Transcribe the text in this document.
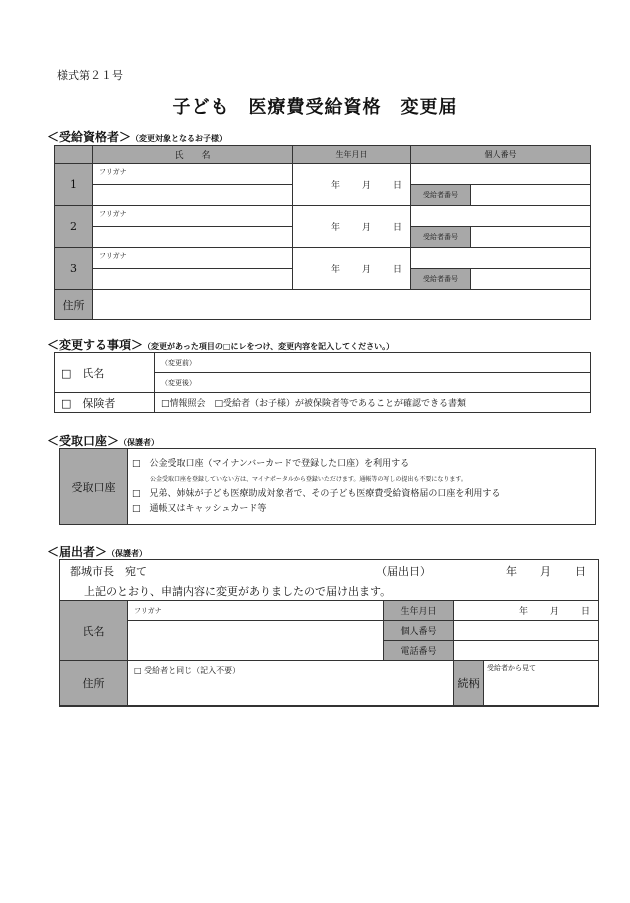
様式第２１号
子ども　医療費受給資格　変更届
＜受給資格者＞（変更対象となるお子様）
	氏　　名	生年月日	個人番号	
1	フリガナ	年 月 日		

			受給者番号	
2	フリガナ	年 月 日		

			受給者番号	
3	フリガナ	年 月 日		

			受給者番号	
住所				
＜変更する事項＞（変更があった項目の□にレをつけ、変更内容を記入してください。）
□　氏名	（変更前）
	（変更後）
□　保険者	□情報照会　□受給者（お子様）が被保険者等であることが確認できる書類
＜受取口座＞（保護者）
受取口座	
□　公金受取口座（マイナンバーカードで登録した口座）を利用する
公金受取口座を登録していない方は、マイナポータルから登録いただけます。通帳等の写しの提出も不要になります。
□　兄弟、姉妹が子ども医療助成対象者で、その子ども医療費受給資格届の口座を利用する
□　通帳又はキャッシュカード等
＜届出者＞（保護者）
都城市長　宛て	（届出日）	年 月 日
上記のとおり、申請内容に変更がありましたので届け出ます。
氏名	フリガナ	生年月日	年 月 日	

		個人番号		

		電話番号		
住所	□ 受給者と同じ（記入不要）		続柄	受給者から見て
